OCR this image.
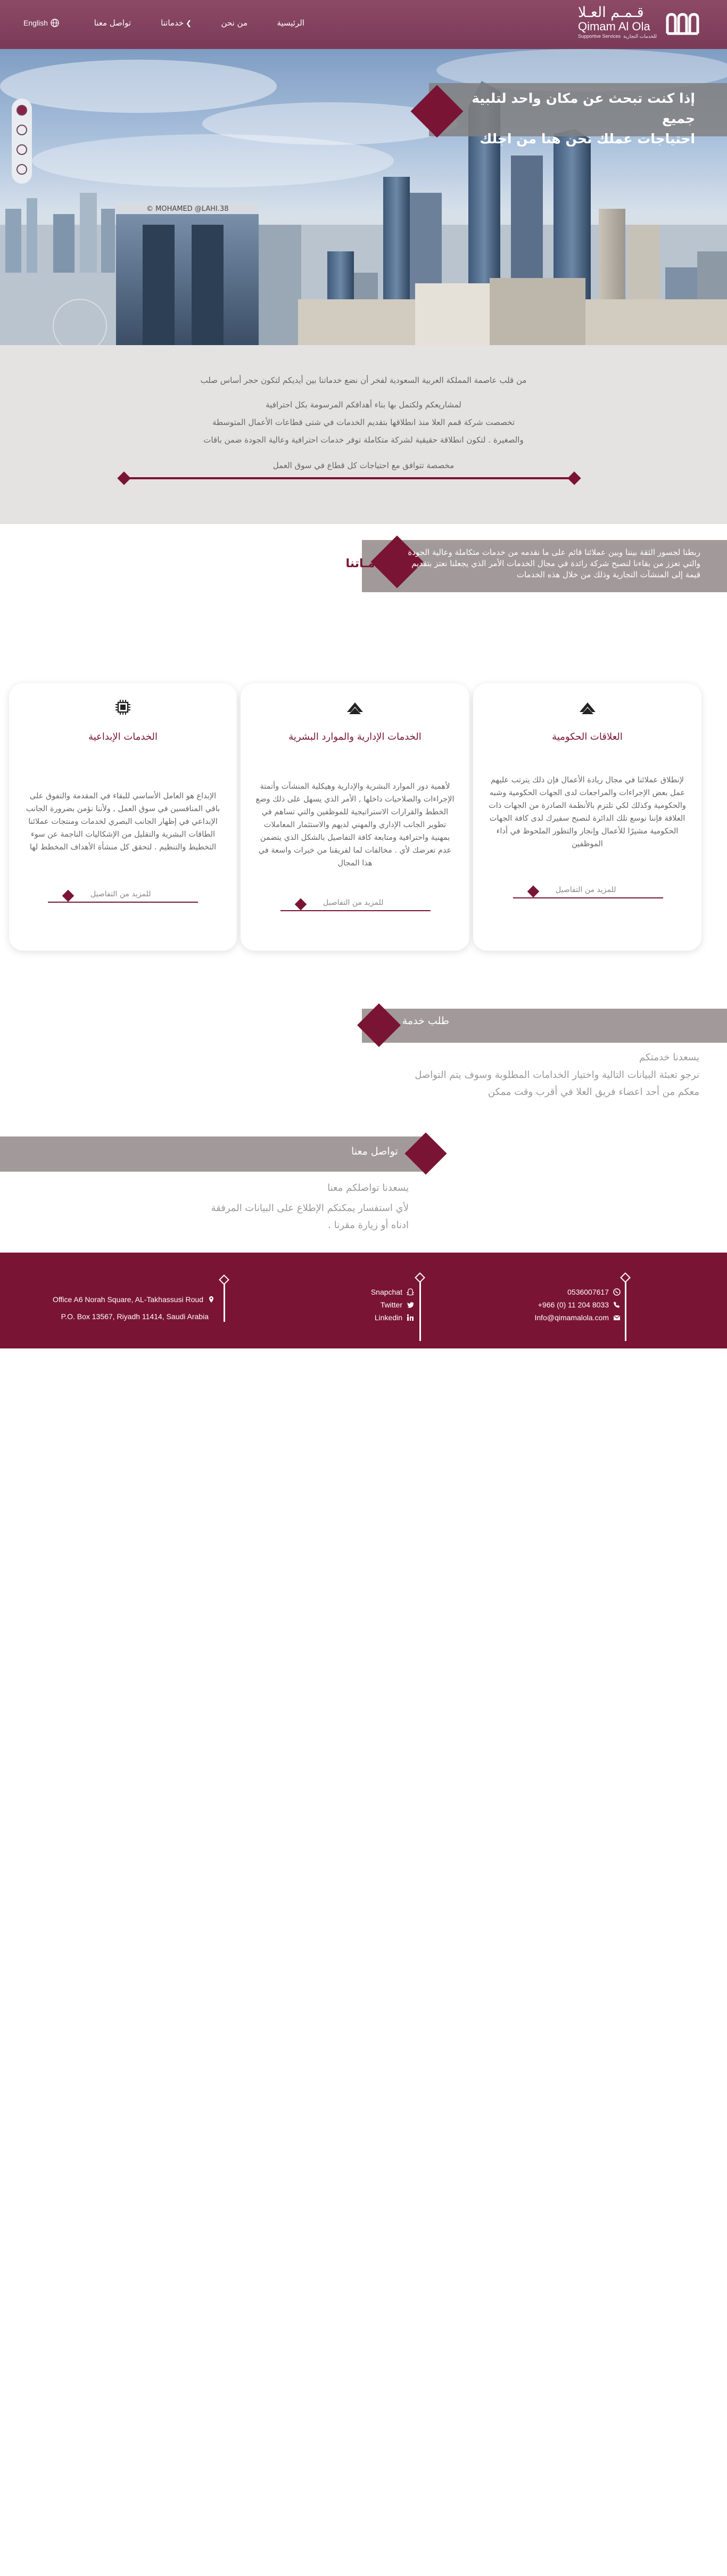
قـمـم العـلا
Qimam Al Ola
Supportive Services للخدمات التجارية
الرئيسية
من نحن
خدماتنا ❮
تواصل معنا
English
© MOHAMED @LAHI.38
إذا كنت تبحث عن مكان واحد لتلبية جميع
احتياجات عملك نحن هنا من اجلك
من قلب عاصمة المملكة العربية السعودية لفخر أن نضع خدماتنا بين أيديكم لتكون حجر أساس صلب
لمشاريعكم ولكتمل بها بناء أهدافكم المرسومة بكل احترافية
تخصصت شركة قمم العلا منذ انطلاقها بتقديم الخدمات في شتى قطاعات الأعمال المتوسطة
والصغيرة . لتكون انطلاقة حقيقية لشركة متكاملة توفر خدمات احترافية وعالية الجودة ضمن باقات
مخصصة تتوافق مع احتياجات كل قطاع في سوق العمل
خدمـاتنا
ربطنا لجسور الثقة بيننا وبين عملائنا قائم على ما نقدمه من خدمات متكاملة وعالية الجودة والتي تعزز من بقاءنا لنصبح شركة رائدة في مجال الخدمات الأمر الذي يجعلنا نعتز بتقديم قيمة إلى المنشآت التجارية وذلك من خلال هذه الخدمات
الخدمات الإبداعية
الإبداع هو العامل الأساسي للبقاء في المقدمة والتفوق على باقي المنافسين في سوق العمل , ولأننا نؤمن بضرورة الجانب الإبداعي في إظهار الجانب البصري لخدمات ومنتجات عملائنا الطاقات البشرية والتقليل من الإشكاليات الناجمة عن سوء التخطيط والتنظيم . لتحقق كل منشأة الأهداف المخطط لها
للمزيد من التفاصيل
الخدمات الإدارية والموارد البشرية
لأهمية دور الموارد البشرية والإدارية وهيكلية المنشآت وأتمتة الإجراءات والصلاحيات داخلها , الأمر الذي يسهل على ذلك وضع الخطط والقرارات الاستراتيجية للموظفين والتي تساهم في تطوير الجانب الإداري والمهني لديهم والاستثمار المعاملات بمهنية واحترافية ومتابعة كافة التفاصيل بالشكل الذي يتضمن عدم تعرضك لأي . مخالفات لما لفريقنا من خبرات واسعة في هذا المجال
للمزيد من التفاصيل
العلاقات الحكومية
لإنطلاق عملائنا في مجال ريادة الأعمال فإن ذلك يترتب عليهم عمل بعض الإجراءات والمراجعات لدى الجهات الحكومية وشبه والحكومية وكذلك لكي تلتزم بالأنظمة الصادرة من الجهات ذات العلاقة فإننا نوسع تلك الدائرة لنصبح سفيرك لدى كافة الجهات الحكومية مشيرًا للأعمال وإنجاز والتطور الملحوظ في أداء الموظفين
للمزيد من التفاصيل
طلب خدمة
يسعدنا خدمتكم
نرجو تعبئة البيانات التالية واختيار الخدامات المطلوبة وسوف يتم التواصل
معكم من أحد اعضاء فريق العلا في أقرب وقت ممكن
تواصل معنا
يسعدنا تواصلكم معنا
لأي استفسار يمكنكم الإطلاع على البيانات المرفقة
ادناه أو زيارة مقرنا .
0536007617
+966 (0) 11 204 8033
Info@qimamalola.com
Snapchat
Twitter
Linkedin
مستقل
mostaql.com
Office A6 Norah Square, AL-Takhassusi Roud
P.O. Box 13567, Riyadh 11414, Saudi Arabia
